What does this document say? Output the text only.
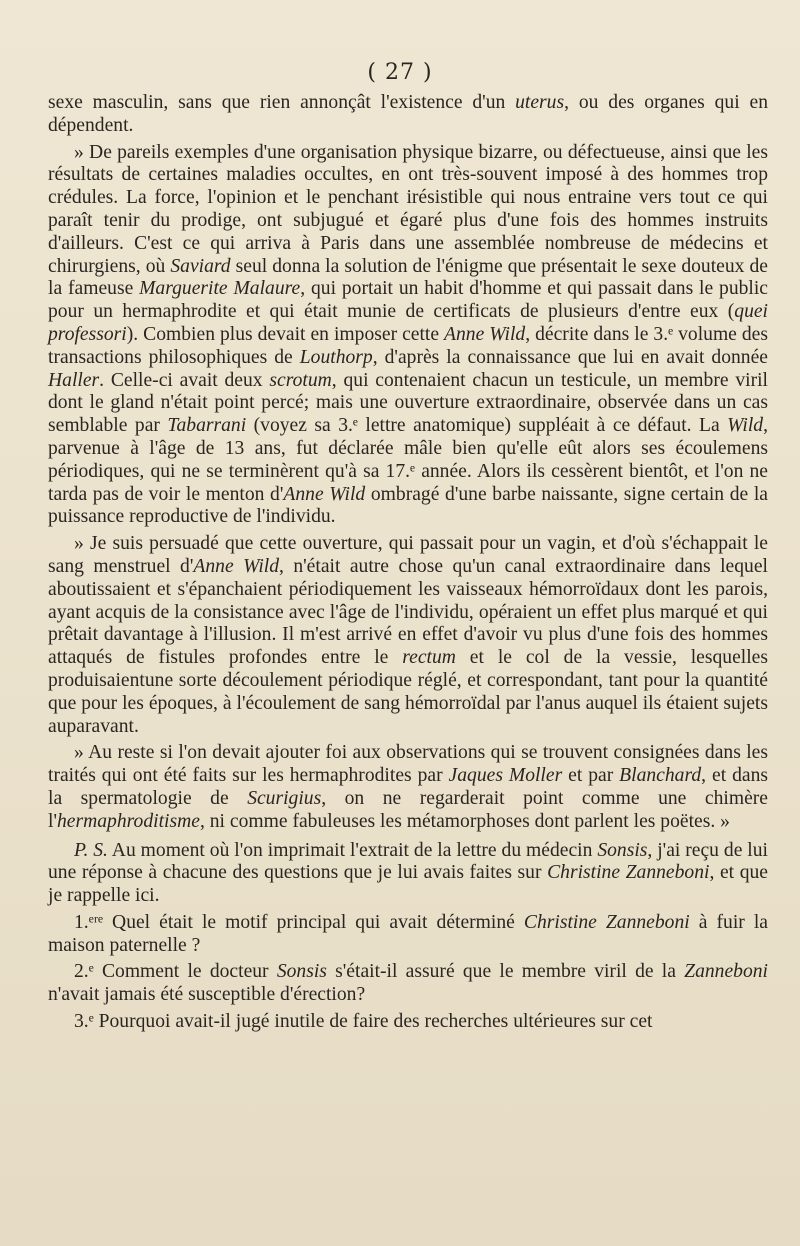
( 27 )

sexe masculin, sans que rien annonçât l'existence d'un uterus, ou des organes qui en dépendent.

» De pareils exemples d'une organisation physique bizarre, ou défectueuse, ainsi que les résultats de certaines maladies occultes, en ont très-souvent imposé à des hommes trop crédules. La force, l'opinion et le penchant irésistible qui nous entraine vers tout ce qui paraît tenir du prodige, ont subjugué et égaré plus d'une fois des hommes instruits d'ailleurs. C'est ce qui arriva à Paris dans une assemblée nombreuse de médecins et chirurgiens, où Saviard seul donna la solution de l'énigme que présentait le sexe douteux de la fameuse Marguerite Malaure, qui portait un habit d'homme et qui passait dans le public pour un hermaphrodite et qui était munie de certificats de plusieurs d'entre eux (quei professori). Combien plus devait en imposer cette Anne Wild, décrite dans le 3.ᵉ volume des transactions philosophiques de Louthorp, d'après la connaissance que lui en avait donnée Haller. Celle-ci avait deux scrotum, qui contenaient chacun un testicule, un membre viril dont le gland n'était point percé; mais une ouverture extraordinaire, observée dans un cas semblable par Tabarrani (voyez sa 3.ᵉ lettre anatomique) suppléait à ce défaut. La Wild, parvenue à l'âge de 13 ans, fut déclarée mâle bien qu'elle eût alors ses écoulemens périodiques, qui ne se terminèrent qu'à sa 17.ᵉ année. Alors ils cessèrent bientôt, et l'on ne tarda pas de voir le menton d'Anne Wild ombragé d'une barbe naissante, signe certain de la puissance reproductive de l'individu.

» Je suis persuadé que cette ouverture, qui passait pour un vagin, et d'où s'échappait le sang menstruel d'Anne Wild, n'était autre chose qu'un canal extraordinaire dans lequel aboutissaient et s'épanchaient périodiquement les vaisseaux hémorroïdaux dont les parois, ayant acquis de la consistance avec l'âge de l'individu, opéraient un effet plus marqué et qui prêtait davantage à l'illusion. Il m'est arrivé en effet d'avoir vu plus d'une fois des hommes attaqués de fistules profondes entre le rectum et le col de la vessie, lesquelles produisaientune sorte découlement périodique réglé, et correspondant, tant pour la quantité que pour les époques, à l'écoulement de sang hémorroïdal par l'anus auquel ils étaient sujets auparavant.

» Au reste si l'on devait ajouter foi aux observations qui se trouvent consignées dans les traités qui ont été faits sur les hermaphrodites par Jaques Moller et par Blanchard, et dans la spermatologie de Scurigius, on ne regarderait point comme une chimère l'hermaphroditisme, ni comme fabuleuses les métamorphoses dont parlent les poëtes. »

P. S. Au moment où l'on imprimait l'extrait de la lettre du médecin Sonsis, j'ai reçu de lui une réponse à chacune des questions que je lui avais faites sur Christine Zanneboni, et que je rappelle ici.

1.ᵉʳᵉ Quel était le motif principal qui avait déterminé Christine Zanneboni à fuir la maison paternelle ?

2.ᵉ Comment le docteur Sonsis s'était-il assuré que le membre viril de la Zanneboni n'avait jamais été susceptible d'érection?

3.ᵉ Pourquoi avait-il jugé inutile de faire des recherches ultérieures sur cet
